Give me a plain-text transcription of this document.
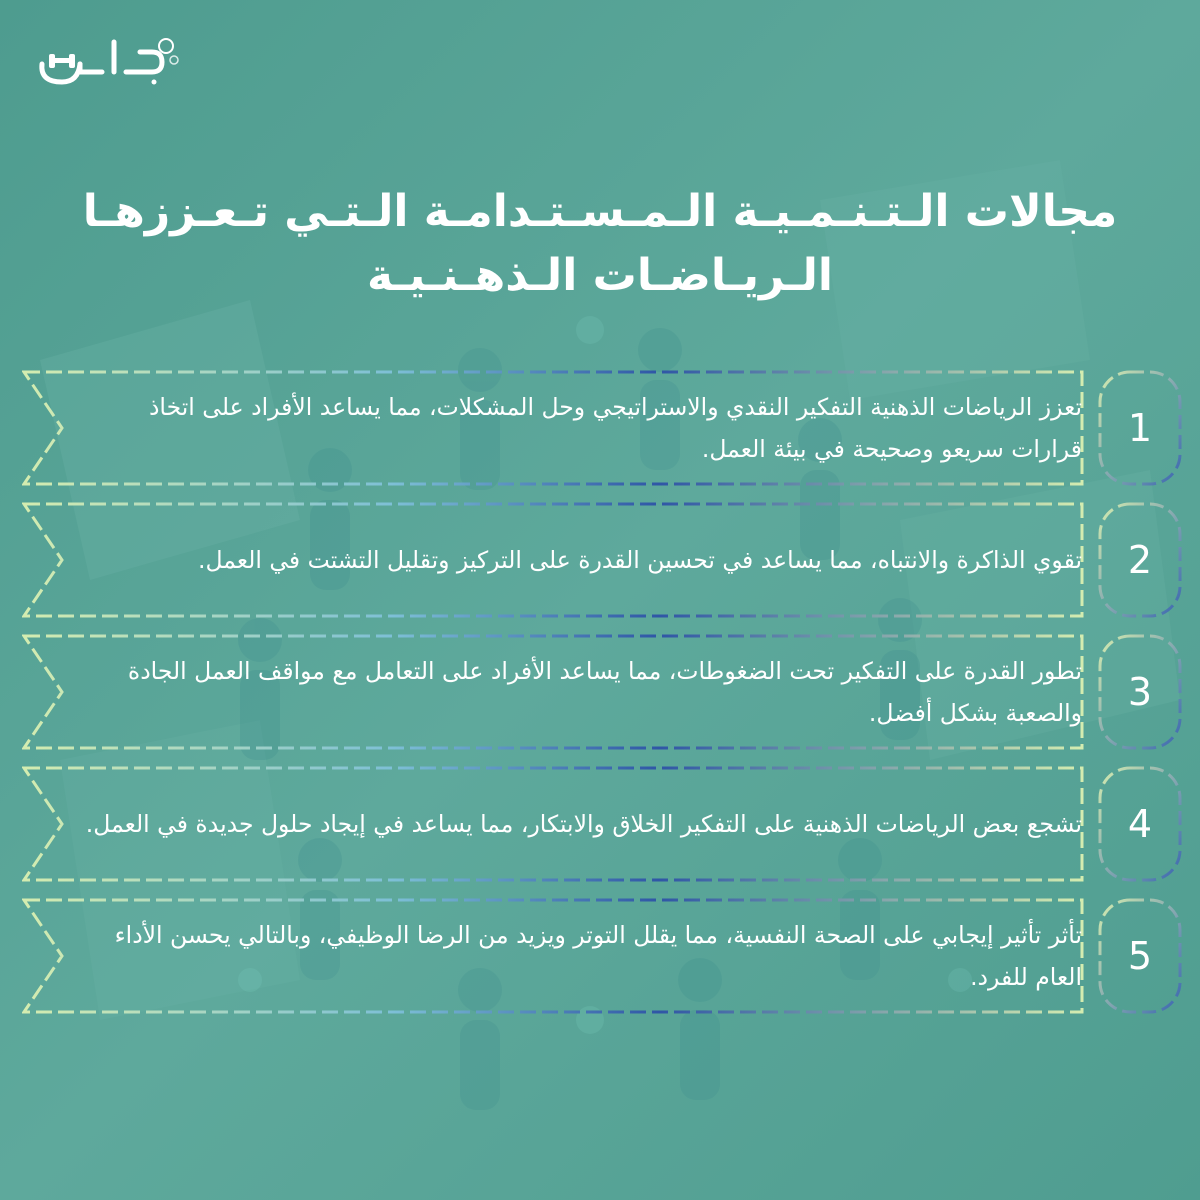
مجالات الـتـنـمـيـة الـمـسـتـدامـة الـتـي تـعـززهـا
الـريـاضـات الـذهـنـيـة
تعزز الرياضات الذهنية التفكير النقدي والاستراتيجي وحل المشكلات، مما يساعد الأفراد على اتخاذ قرارات سريعو وصحيحة في بيئة العمل.	1
تقوي الذاكرة والانتباه، مما يساعد في تحسين القدرة على التركيز وتقليل التشتت في العمل.	2
تطور القدرة على التفكير تحت الضغوطات، مما يساعد الأفراد على التعامل مع مواقف العمل الجادة والصعبة بشكل أفضل.	3
تشجع بعض الرياضات الذهنية على التفكير الخلاق والابتكار، مما يساعد في إيجاد حلول جديدة في العمل.	4
تأثر تأثير إيجابي على الصحة النفسية، مما يقلل التوتر ويزيد من الرضا الوظيفي، وبالتالي يحسن الأداء العام للفرد.	5
